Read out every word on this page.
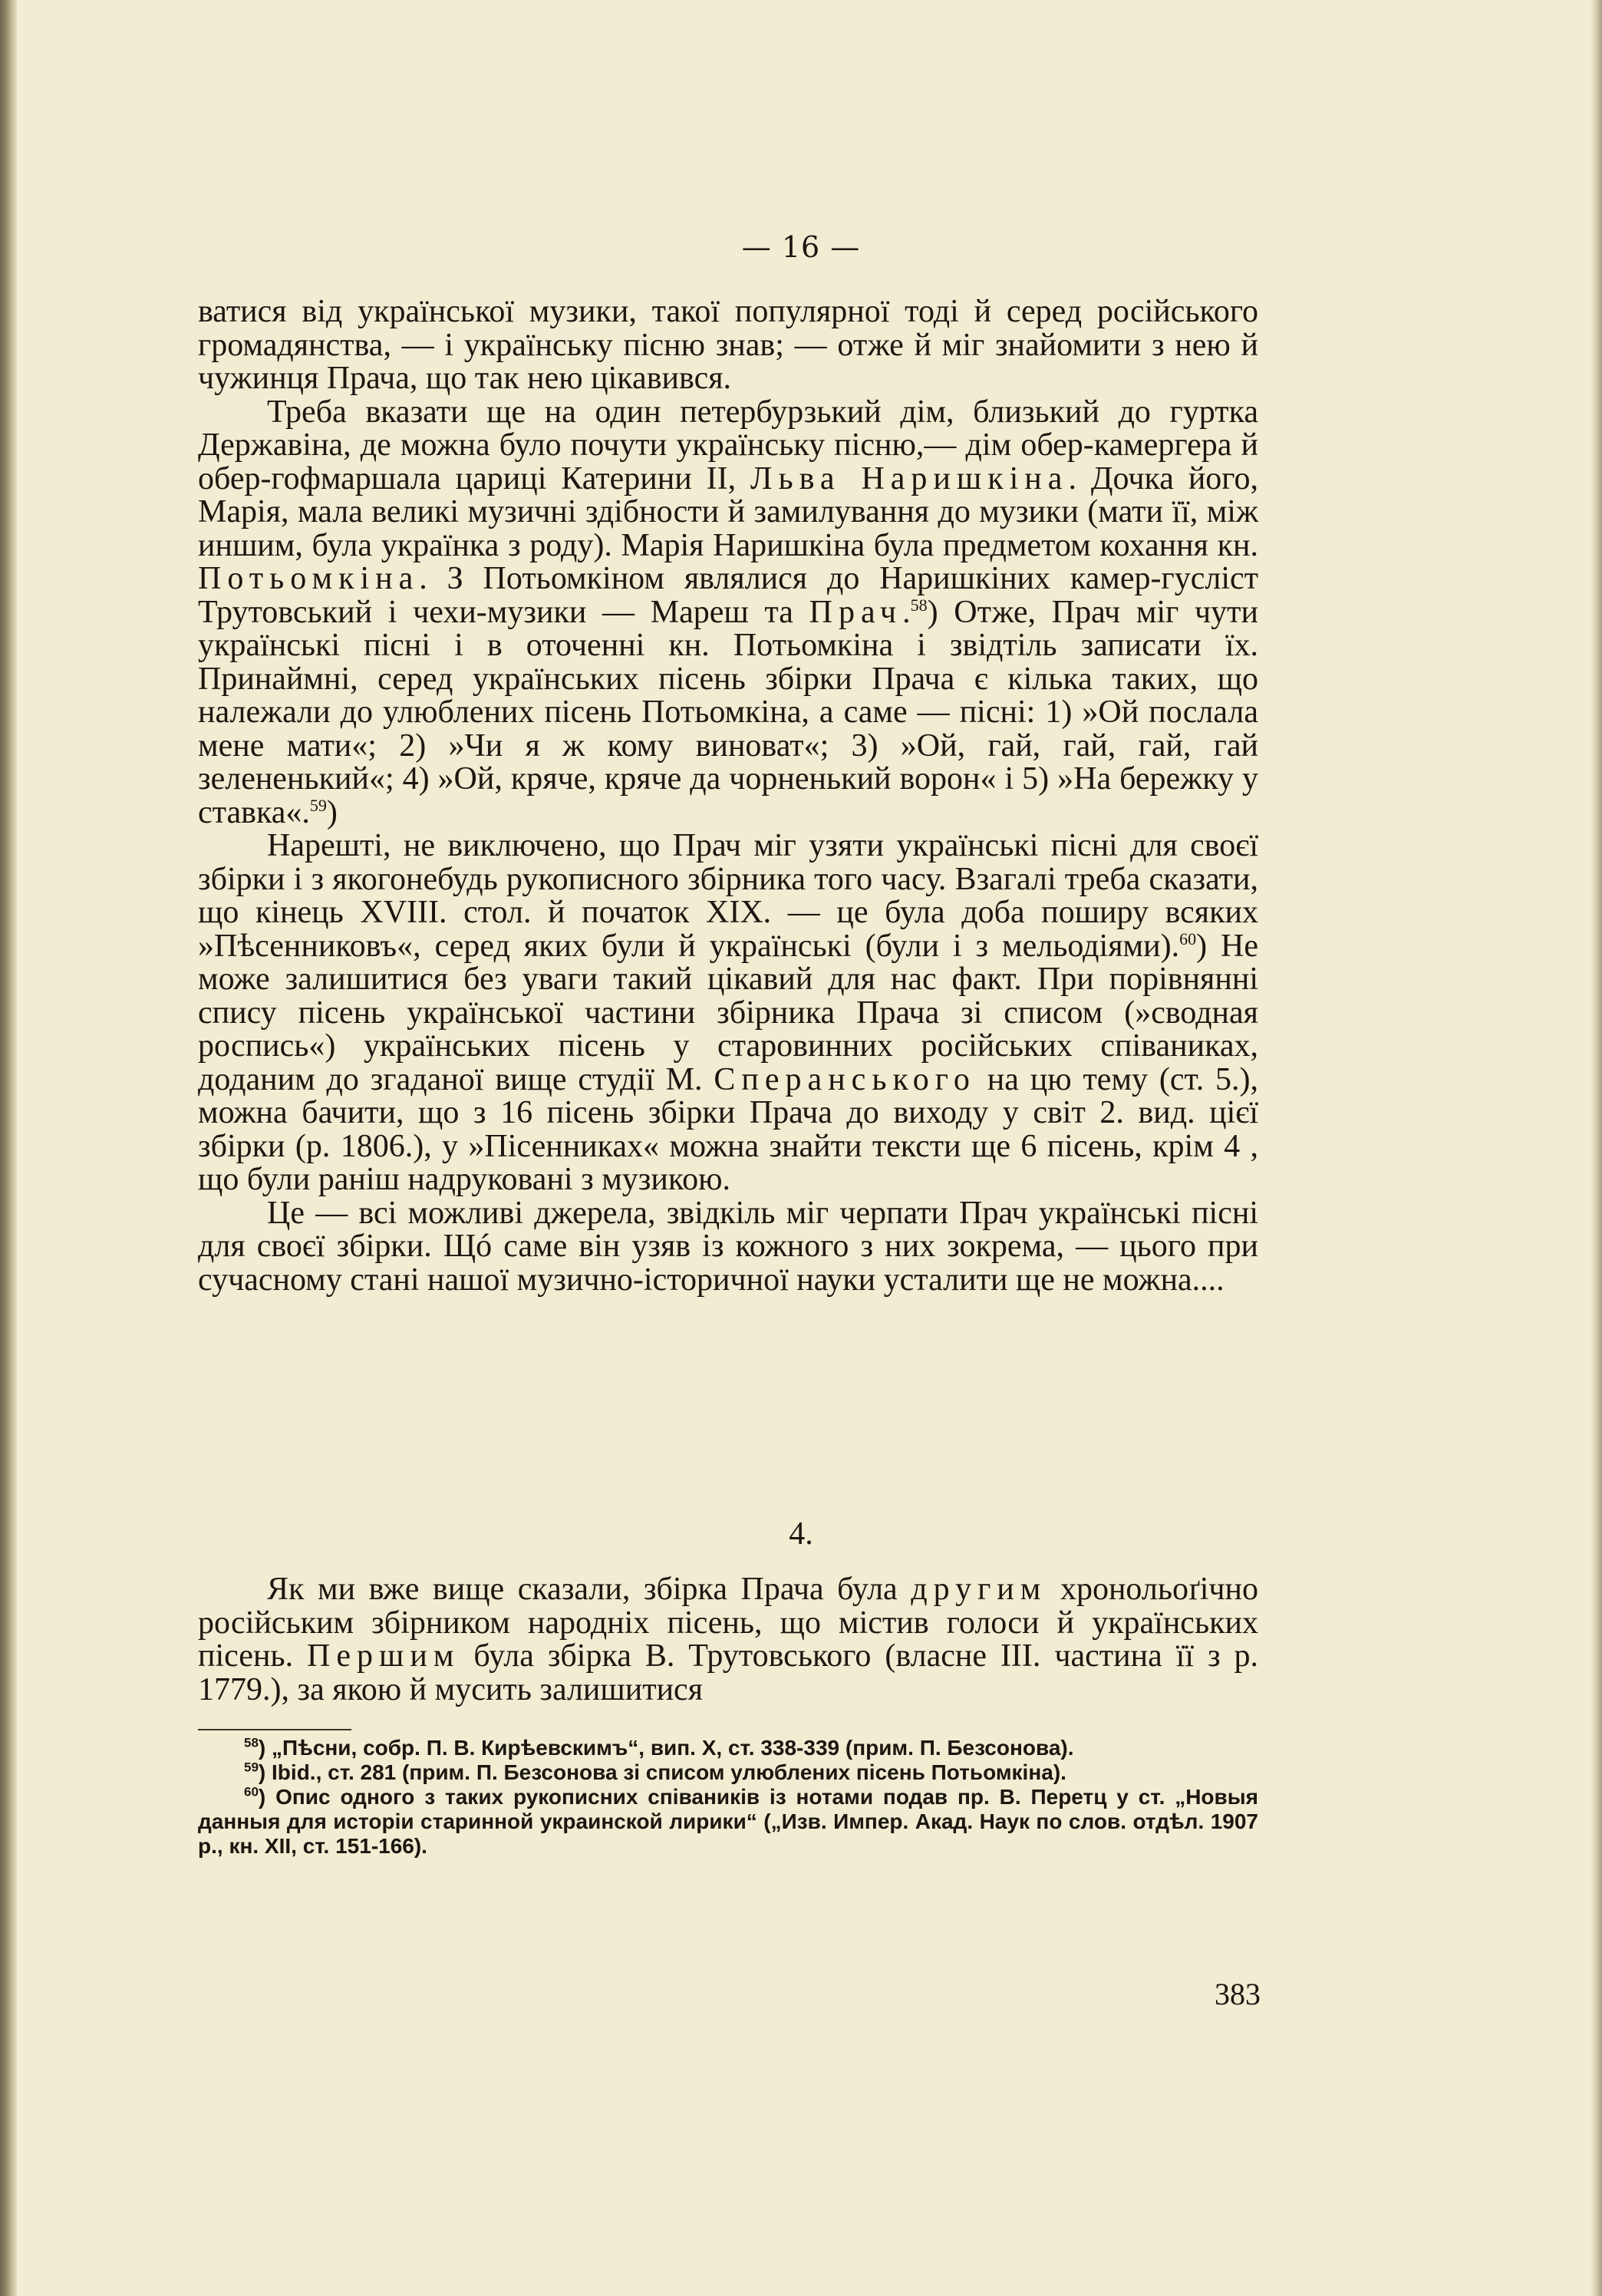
— 16 —

ватися від української музики, такої популярної тоді й серед російського громадянства, — і українську пісню знав; — отже й міг знайомити з нею й чужинця Прача, що так нею цікавився.

Треба вказати ще на один петербурзький дім, близький до гуртка Державіна, де можна було почути українську пісню,— дім обер-камергера й обер-гофмаршала цариці Катерини II, Льва Наришкіна. Дочка його, Марія, мала великі музичні здібности й замилування до музики (мати її, між иншим, була українка з роду). Марія Наришкіна була предметом кохання кн. Потьомкіна. З Потьомкіном являлися до Наришкіних камер-гусліст Трутовський і чехи-музики — Мареш та Прач.$^{58}$) Отже, Прач міг чути українські пісні і в оточенні кн. Потьомкіна і звідтіль записати їх. Принаймні, серед українських пісень збірки Прача є кілька таких, що належали до улюблених пісень Потьомкіна, а саме — пісні: 1) »Ой послала мене мати«; 2) »Чи я ж кому виноват«; 3) »Ой, гай, гай, гай, гай зелененький«; 4) »Ой, кряче, кряче да чорненький ворон« і 5) »На бережку у ставка«.$^{59}$)

Нарешті, не виключено, що Прач міг узяти українські пісні для своєї збірки і з якогонебудь рукописного збірника того часу. Взагалі треба сказати, що кінець XVIII. стол. й початок XIX. — це була доба поширу всяких »Пѣсенниковъ«, серед яких були й українські (були і з мельодіями).$^{60}$) Не може залишитися без уваги такий цікавий для нас факт. При порівнянні спису пісень української частини збірника Прача зі списом (»сводная роспись«) українських пісень у старовинних російських співаниках, доданим до згаданої вище студії М. Сперанського на цю тему (ст. 5.), можна бачити, що з 16 пісень збірки Прача до виходу у світ 2. вид. цієї збірки (р. 1806.), у »Пісенниках« можна знайти тексти ще 6 пісень, крім 4 , що були раніш надруковані з музикою.

Це — всі можливі джерела, звідкіль міг черпати Прач українські пісні для своєї збірки. Щó саме він узяв із кожного з них зокрема, — цього при сучасному стані нашої музично-історичної науки усталити ще не можна....

4.

Як ми вже вище сказали, збірка Прача була другим хронольоґічно російським збірником народніх пісень, що містив голоси й українських пісень. Першим була збірка В. Трутовського (власне III. частина її з р. 1779.), за якою й мусить залишитися

$^{58}$) „Пѣсни, собр. П. В. Кирѣевскимъ“, вип. X, ст. 338-339 (прим. П. Безсонова).

$^{59}$) Ibid., ст. 281 (прим. П. Безсонова зі списом улюблених пісень Потьомкіна).

$^{60}$) Опис одного з таких рукописних співаників із нотами подав пр. В. Перетц у ст. „Новыя данныя для исторіи старинной украинской лирики“ („Изв. Импер. Акад. Наук по слов. отдѣл. 1907 р., кн. XII, ст. 151-166).

383
